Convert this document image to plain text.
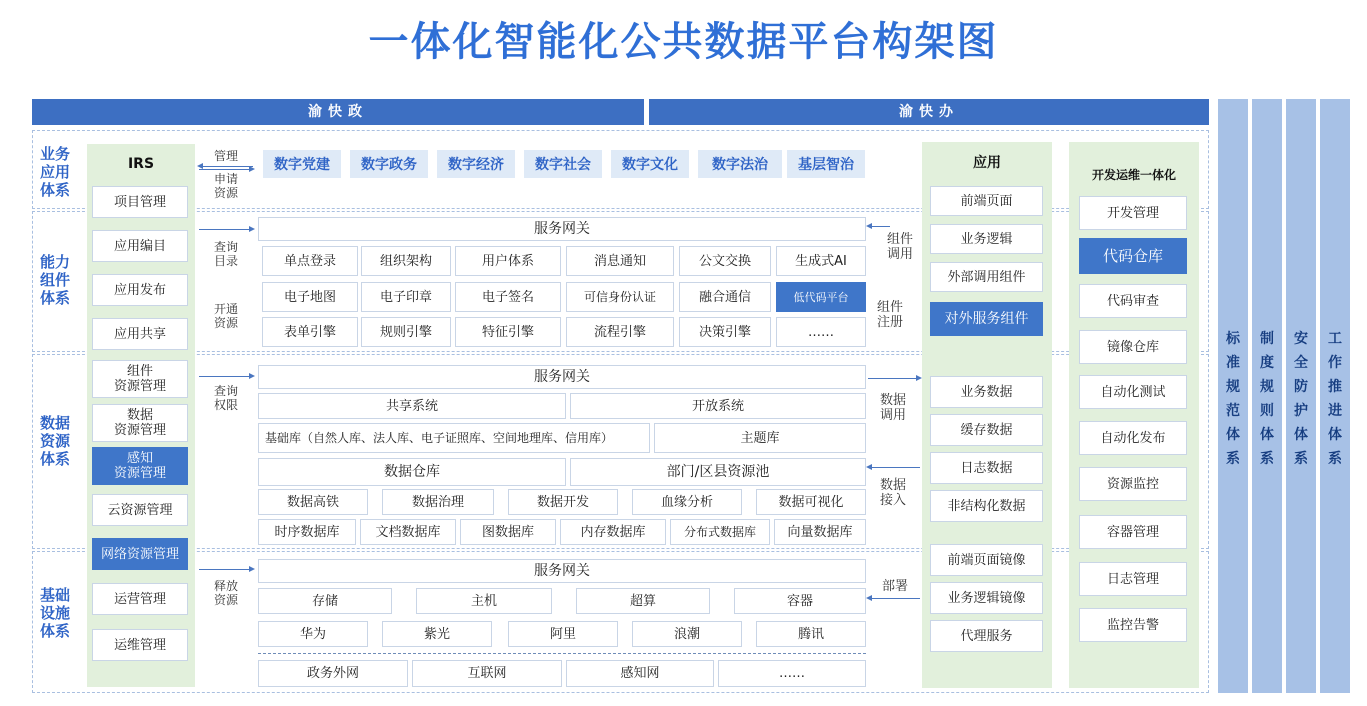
一体化智能化公共数据平台构架图
渝快政	渝快办
业务
应用
体系
能力
组件
体系
数据
资源
体系
基础
设施
体系
IRS
项目管理
应用编目
应用发布
应用共享
组件
资源管理
数据
资源管理
感知
资源管理
云资源管理
网络资源管理
运营管理
运维管理
管理
申请
资源
查询
目录
开通
资源
查询
权限
释放
资源
数字党建	数字政务	数字经济	数字社会	数字文化	数字法治	基层智治
服务网关
单点登录	组织架构	用户体系	消息通知	公文交换	生成式AI
电子地图	电子印章	电子签名	可信身份认证	融合通信	低代码平台
表单引擎	规则引擎	特征引擎	流程引擎	决策引擎	……
服务网关
共享系统	开放系统
基础库（自然人库、法人库、电子证照库、空间地理库、信用库）	主题库
数据仓库	部门/区县资源池
数据高铁	数据治理	数据开发	血缘分析	数据可视化
时序数据库	文档数据库	图数据库	内存数据库	分布式数据库	向量数据库
服务网关
存储	主机	超算	容器
华为	紫光	阿里	浪潮	腾讯
政务外网	互联网	感知网	……
组件
调用
组件
注册
数据
调用
数据
接入
部署
应用
前端页面
业务逻辑
外部调用组件
对外服务组件
业务数据
缓存数据
日志数据
非结构化数据
前端页面镜像
业务逻辑镜像
代理服务
开发运维一体化
开发管理
代码仓库
代码审查
镜像仓库
自动化测试
自动化发布
资源监控
容器管理
日志管理
监控告警
标准规范体系
制度规则体系
安全防护体系
工作推进体系
